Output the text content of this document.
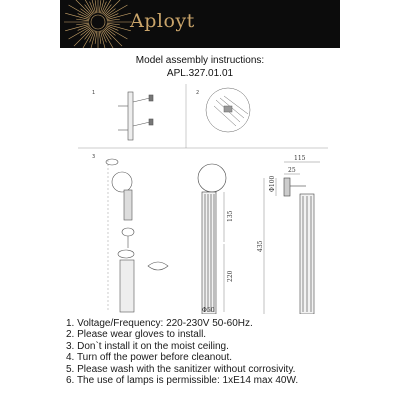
Aployt
Model assembly instructions:
APL.327.01.01
1	2
3
135
220
Φ50
115
25
Φ100
435
1. Voltage/Frequency: 220-230V 50-60Hz.
2. Please wear gloves to install.
3. Don`t install it on the moist ceiling.
4. Turn off the power before cleanout.
5. Please wash with the sanitizer without corrosivity.
6. The use of lamps is permissible: 1xE14 max 40W.
